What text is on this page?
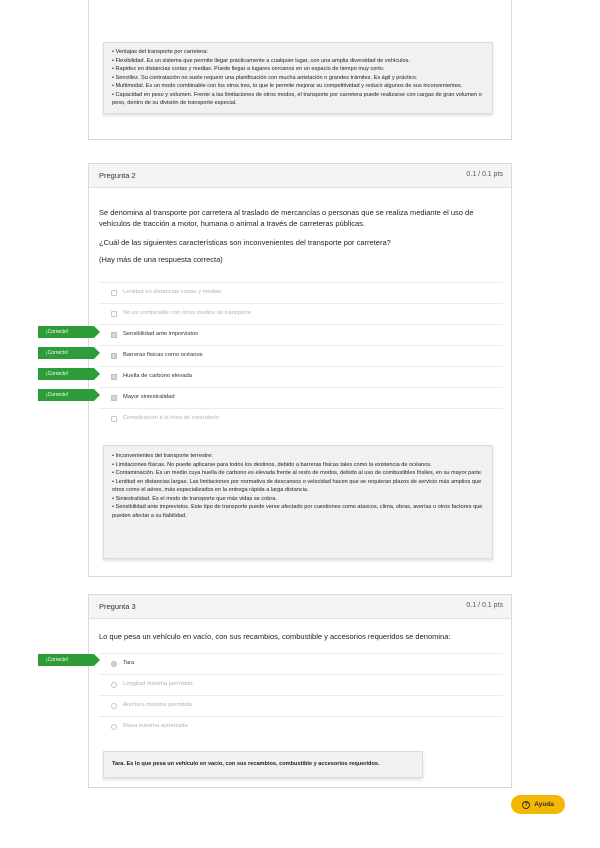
• Ventajas del transporte por carretera:
• Flexibilidad. Es un sistema que permite llegar prácticamente a cualquier lugar, con una amplia diversidad de vehículos.
• Rapidez en distancias cortas y medias. Puede llegar a lugares cercanos en un espacio de tiempo muy corto.
• Sencillez. Su contratación no suele requerir una planificación con mucha antelación o grandes trámites. Es ágil y práctico.
• Multimodal. Es un modo combinable con los otros tres, lo que le permite mejorar su competitividad y reducir algunos de sus inconvenientes.
• Capacidad en peso y volumen. Frente a las limitaciones de otros modos, el transporte por carretera puede realizarse con cargas de gran volumen o peso, dentro de su división de transporte especial.
Pregunta 2	0.1 / 0.1 pts
Se denomina al transporte por carretera al traslado de mercancías o personas que se realiza mediante el uso de vehículos de tracción a motor, humana o animal a través de carreteras públicas.
¿Cuál de las siguientes características son inconvenientes del transporte por carretera?
(Hay más de una respuesta correcta)
Lentitud en distancias cortas y medias
No es combinable con otros medios de transporte
Sensibilidad ante imprevistos
Barreras físicas como océanos
Huella de carbono elevada
Mayor siniestralidad
Complicación a la hora de contratarlo
• Inconvenientes del transporte terrestre:
• Limitaciones físicas. No puede aplicarse para todos los destinos, debido a barreras físicas tales como la existencia de océanos.
• Contaminación. Es un medio cuya huella de carbono es elevada frente al resto de modos, debido al uso de combustibles fósiles, en su mayor parte.
• Lentitud en distancias largas. Las limitaciones por normativa de descansos o velocidad hacen que se requieran plazos de servicio más amplios que otros como el aéreo, más especializados en la entrega rápida a larga distancia.
• Siniestralidad. Es el modo de transporte que más vidas se cobra.
• Sensibilidad ante imprevistos. Este tipo de transporte puede verse afectado por cuestiones como atascos, clima, obras, averías u otros factores que pueden afectar a su fiabilidad.
¡Correcto!
¡Correcto!
¡Correcto!
¡Correcto!
Pregunta 3	0.1 / 0.1 pts
Lo que pesa un vehículo en vacío, con sus recambios, combustible y accesorios requeridos se denomina:
Tara
Longitud máxima permitida
Anchura máxima permitida
Masa máxima autorizada
Tara. Es lo que pesa un vehículo en vacío, con sus recambios, combustible y accesorios requeridos.
¡Correcto!
? Ayuda
